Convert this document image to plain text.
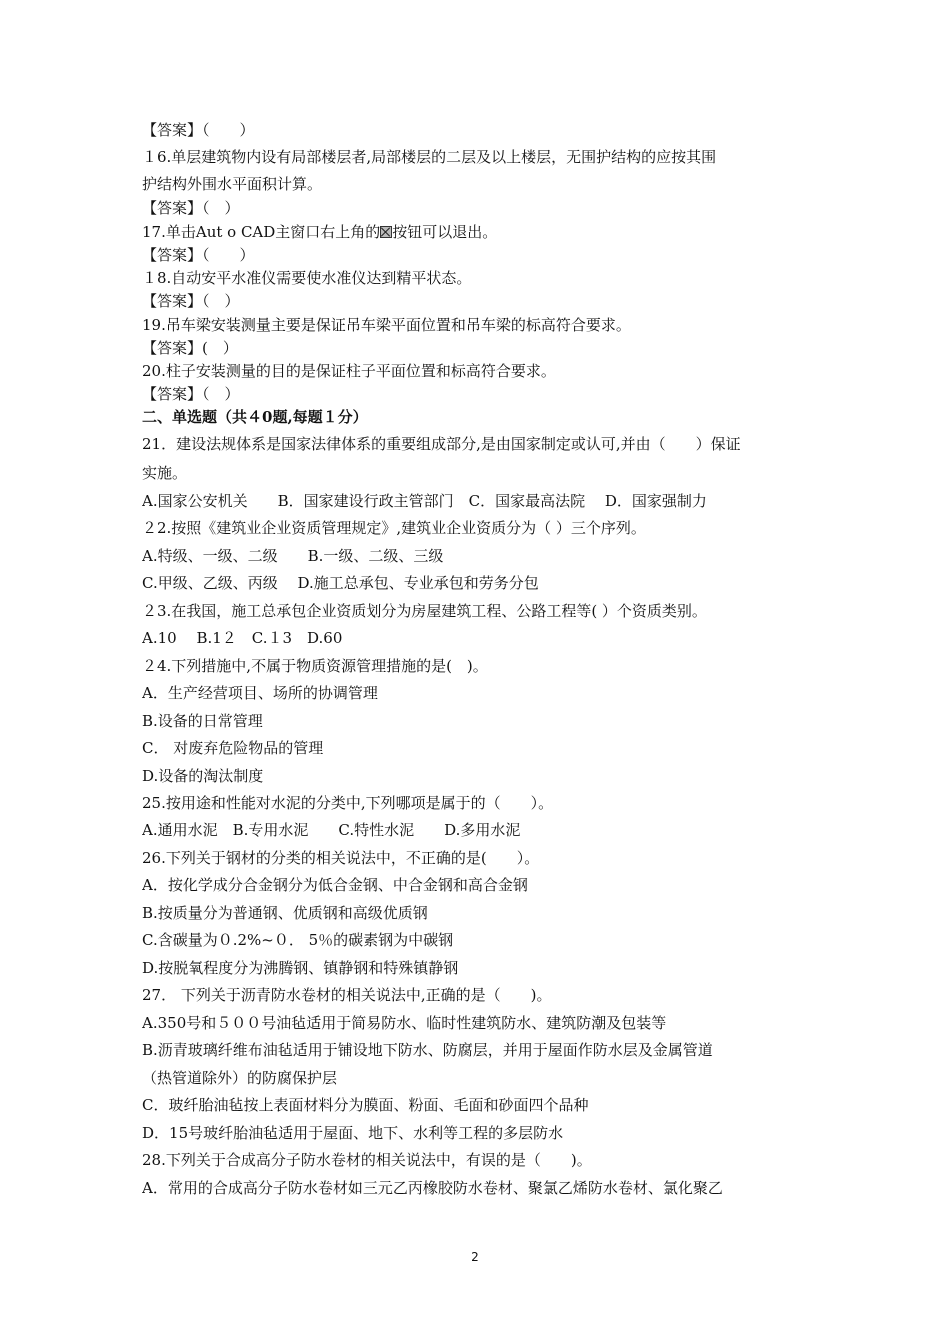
【答案】（　　）
１6.单层建筑物内设有局部楼层者,局部楼层的二层及以上楼层，无围护结构的应按其围
护结构外围水平面积计算。
【答案】（　）
17.单击Aut o CAD主窗口右上角的 按钮可以退出。
【答案】（　　）
１8.自动安平水准仪需要使水准仪达到精平状态。
【答案】（　）
19.吊车梁安装测量主要是保证吊车梁平面位置和吊车梁的标高符合要求。
【答案】(　）
20.柱子安装测量的目的是保证柱子平面位置和标高符合要求。
【答案】（　）
二、单选题（共４0题,每题１分）
21．建设法规体系是国家法律体系的重要组成部分,是由国家制定或认可,并由（　　）保证
实施。
A.国家公安机关　　B．国家建设行政主管部门　C．国家最高法院　 D．国家强制力
２2.按照《建筑业企业资质管理规定》,建筑业企业资质分为（ ）三个序列。
A.特级、一级、二级　　B.一级、二级、三级
C.甲级、乙级、丙级　 D.施工总承包、专业承包和劳务分包
２3.在我国，施工总承包企业资质划分为房屋建筑工程、公路工程等( ）个资质类别。
A.10　 B.1２　C.１3　D.60
２4.下列措施中,不属于物质资源管理措施的是(　)。
A．生产经营项目、场所的协调管理
B.设备的日常管理
C． 对废弃危险物品的管理
D.设备的淘汰制度
25.按用途和性能对水泥的分类中,下列哪项是属于的（　　）。
A.通用水泥　B.专用水泥　　C.特性水泥　　D.多用水泥
26.下列关于钢材的分类的相关说法中，不正确的是(　　）。
A．按化学成分合金钢分为低合金钢、中合金钢和高合金钢
B.按质量分为普通钢、优质钢和高级优质钢
C.含碳量为０.2%~０． 5％的碳素钢为中碳钢
D.按脱氧程度分为沸腾钢、镇静钢和特殊镇静钢
27． 下列关于沥青防水卷材的相关说法中,正确的是（　　)。
A.350号和５００号油毡适用于简易防水、临时性建筑防水、建筑防潮及包装等
B.沥青玻璃纤维布油毡适用于铺设地下防水、防腐层，并用于屋面作防水层及金属管道
（热管道除外）的防腐保护层
C．玻纤胎油毡按上表面材料分为膜面、粉面、毛面和砂面四个品种
D．15号玻纤胎油毡适用于屋面、地下、水利等工程的多层防水
28.下列关于合成高分子防水卷材的相关说法中，有误的是（　　)。
A．常用的合成高分子防水卷材如三元乙丙橡胶防水卷材、聚氯乙烯防水卷材、氯化聚乙
2
